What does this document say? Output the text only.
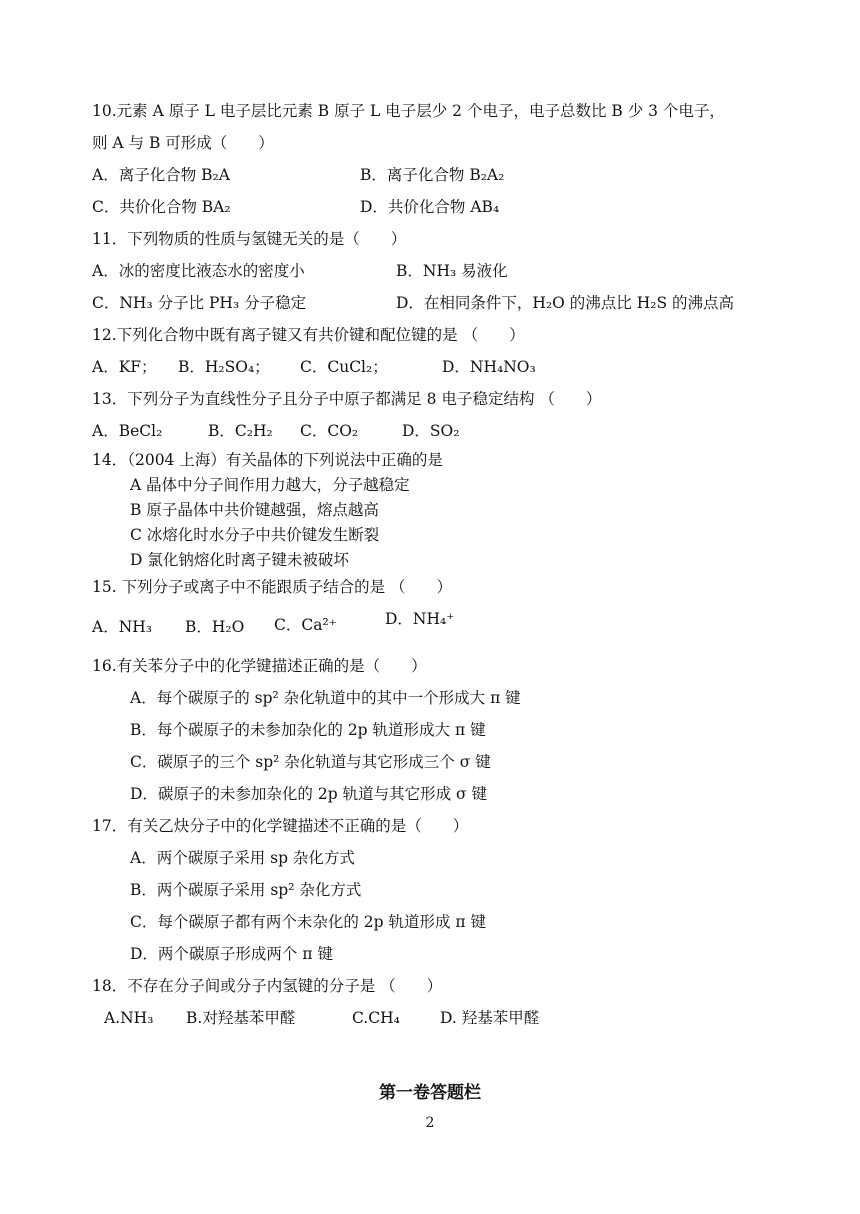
10.元素 A 原子 L 电子层比元素 B 原子 L 电子层少 2 个电子，电子总数比 B 少 3 个电子，
则 A 与 B 可形成（　　）
A．离子化合物 B₂A	B．离子化合物 B₂A₂
C．共价化合物 BA₂	D．共价化合物 AB₄
11．下列物质的性质与氢键无关的是（　　）
A．冰的密度比液态水的密度小	B．NH₃ 易液化
C．NH₃ 分子比 PH₃ 分子稳定	D．在相同条件下，H₂O 的沸点比 H₂S 的沸点高
12.下列化合物中既有离子键又有共价键和配位键的是 （　　）
A．KF； B．H₂SO₄； C．CuCl₂；	D．NH₄NO₃
13．下列分子为直线性分子且分子中原子都满足 8 电子稳定结构 （　　）
A．BeCl₂	B．C₂H₂ C．CO₂	D．SO₂
14．（2004 上海）有关晶体的下列说法中正确的是
A 晶体中分子间作用力越大，分子越稳定
B 原子晶体中共价键越强，熔点越高
C 冰熔化时水分子中共价键发生断裂
D 氯化钠熔化时离子键未被破坏
15. 下列分子或离子中不能跟质子结合的是 （　　）
A．NH₃ B．H₂O C．Ca²⁺	D．NH₄⁺
16.有关苯分子中的化学键描述正确的是（　　）
A．每个碳原子的 sp² 杂化轨道中的其中一个形成大 π 键
B．每个碳原子的未参加杂化的 2p 轨道形成大 π 键
C．碳原子的三个 sp² 杂化轨道与其它形成三个 σ 键
D．碳原子的未参加杂化的 2p 轨道与其它形成 σ 键
17．有关乙炔分子中的化学键描述不正确的是（　　）
A．两个碳原子采用 sp 杂化方式
B．两个碳原子采用 sp² 杂化方式
C．每个碳原子都有两个未杂化的 2p 轨道形成 π 键
D．两个碳原子形成两个 π 键
18．不存在分子间或分子内氢键的分子是 （　　）
A.NH₃ B.对羟基苯甲醛	C.CH₄	D. 羟基苯甲醛
第一卷答题栏
2
